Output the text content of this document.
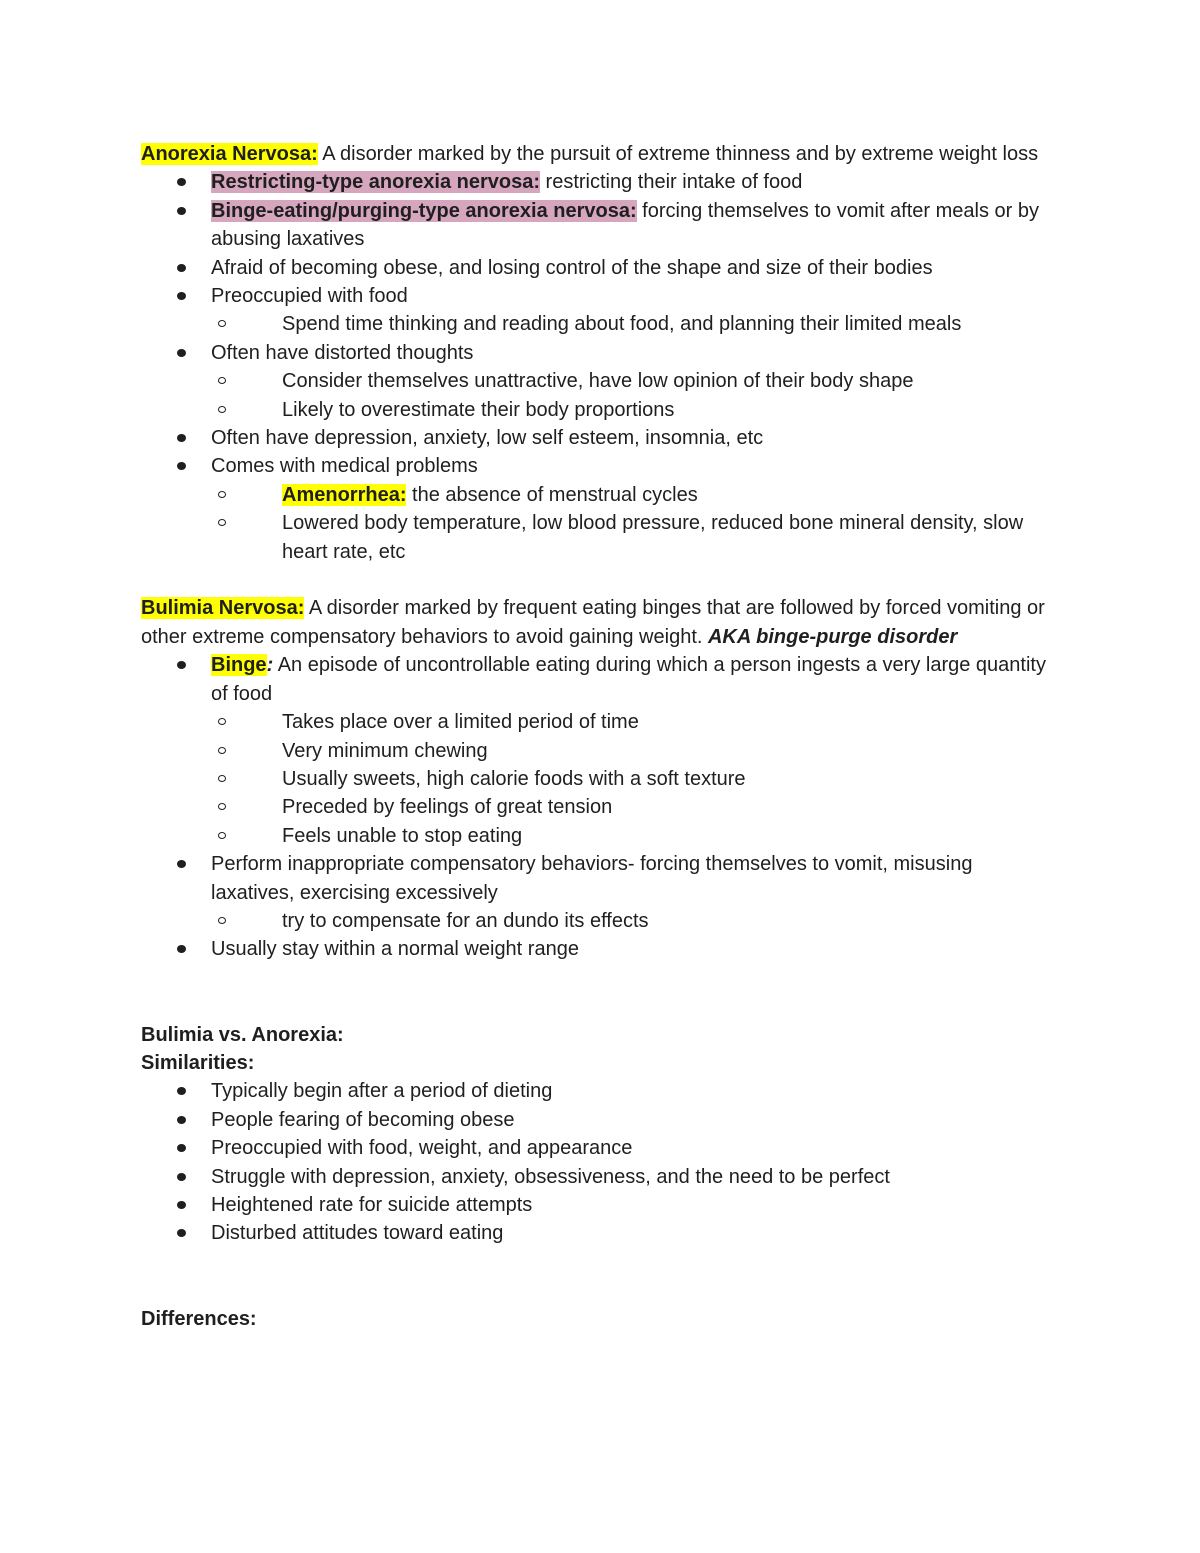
Anorexia Nervosa: A disorder marked by the pursuit of extreme thinness and by extreme weight loss

Restricting-type anorexia nervosa: restricting their intake of food
Binge-eating/purging-type anorexia nervosa: forcing themselves to vomit after meals or by abusing laxatives
Afraid of becoming obese, and losing control of the shape and size of their bodies
Preoccupied with food
Spend time thinking and reading about food, and planning their limited meals
Often have distorted thoughts
Consider themselves unattractive, have low opinion of their body shape
Likely to overestimate their body proportions
Often have depression, anxiety, low self esteem, insomnia, etc
Comes with medical problems
Amenorrhea: the absence of menstrual cycles
Lowered body temperature, low blood pressure, reduced bone mineral density, slow heart rate, etc

Bulimia Nervosa: A disorder marked by frequent eating binges that are followed by forced vomiting or other extreme compensatory behaviors to avoid gaining weight. AKA binge-purge disorder

Binge: An episode of uncontrollable eating during which a person ingests a very large quantity of food
Takes place over a limited period of time
Very minimum chewing
Usually sweets, high calorie foods with a soft texture
Preceded by feelings of great tension
Feels unable to stop eating
Perform inappropriate compensatory behaviors- forcing themselves to vomit, misusing laxatives, exercising excessively
try to compensate for an dundo its effects
Usually stay within a normal weight range

Bulimia vs. Anorexia:

Similarities:

Typically begin after a period of dieting
People fearing of becoming obese
Preoccupied with food, weight, and appearance
Struggle with depression, anxiety, obsessiveness, and the need to be perfect
Heightened rate for suicide attempts
Disturbed attitudes toward eating

Differences:
